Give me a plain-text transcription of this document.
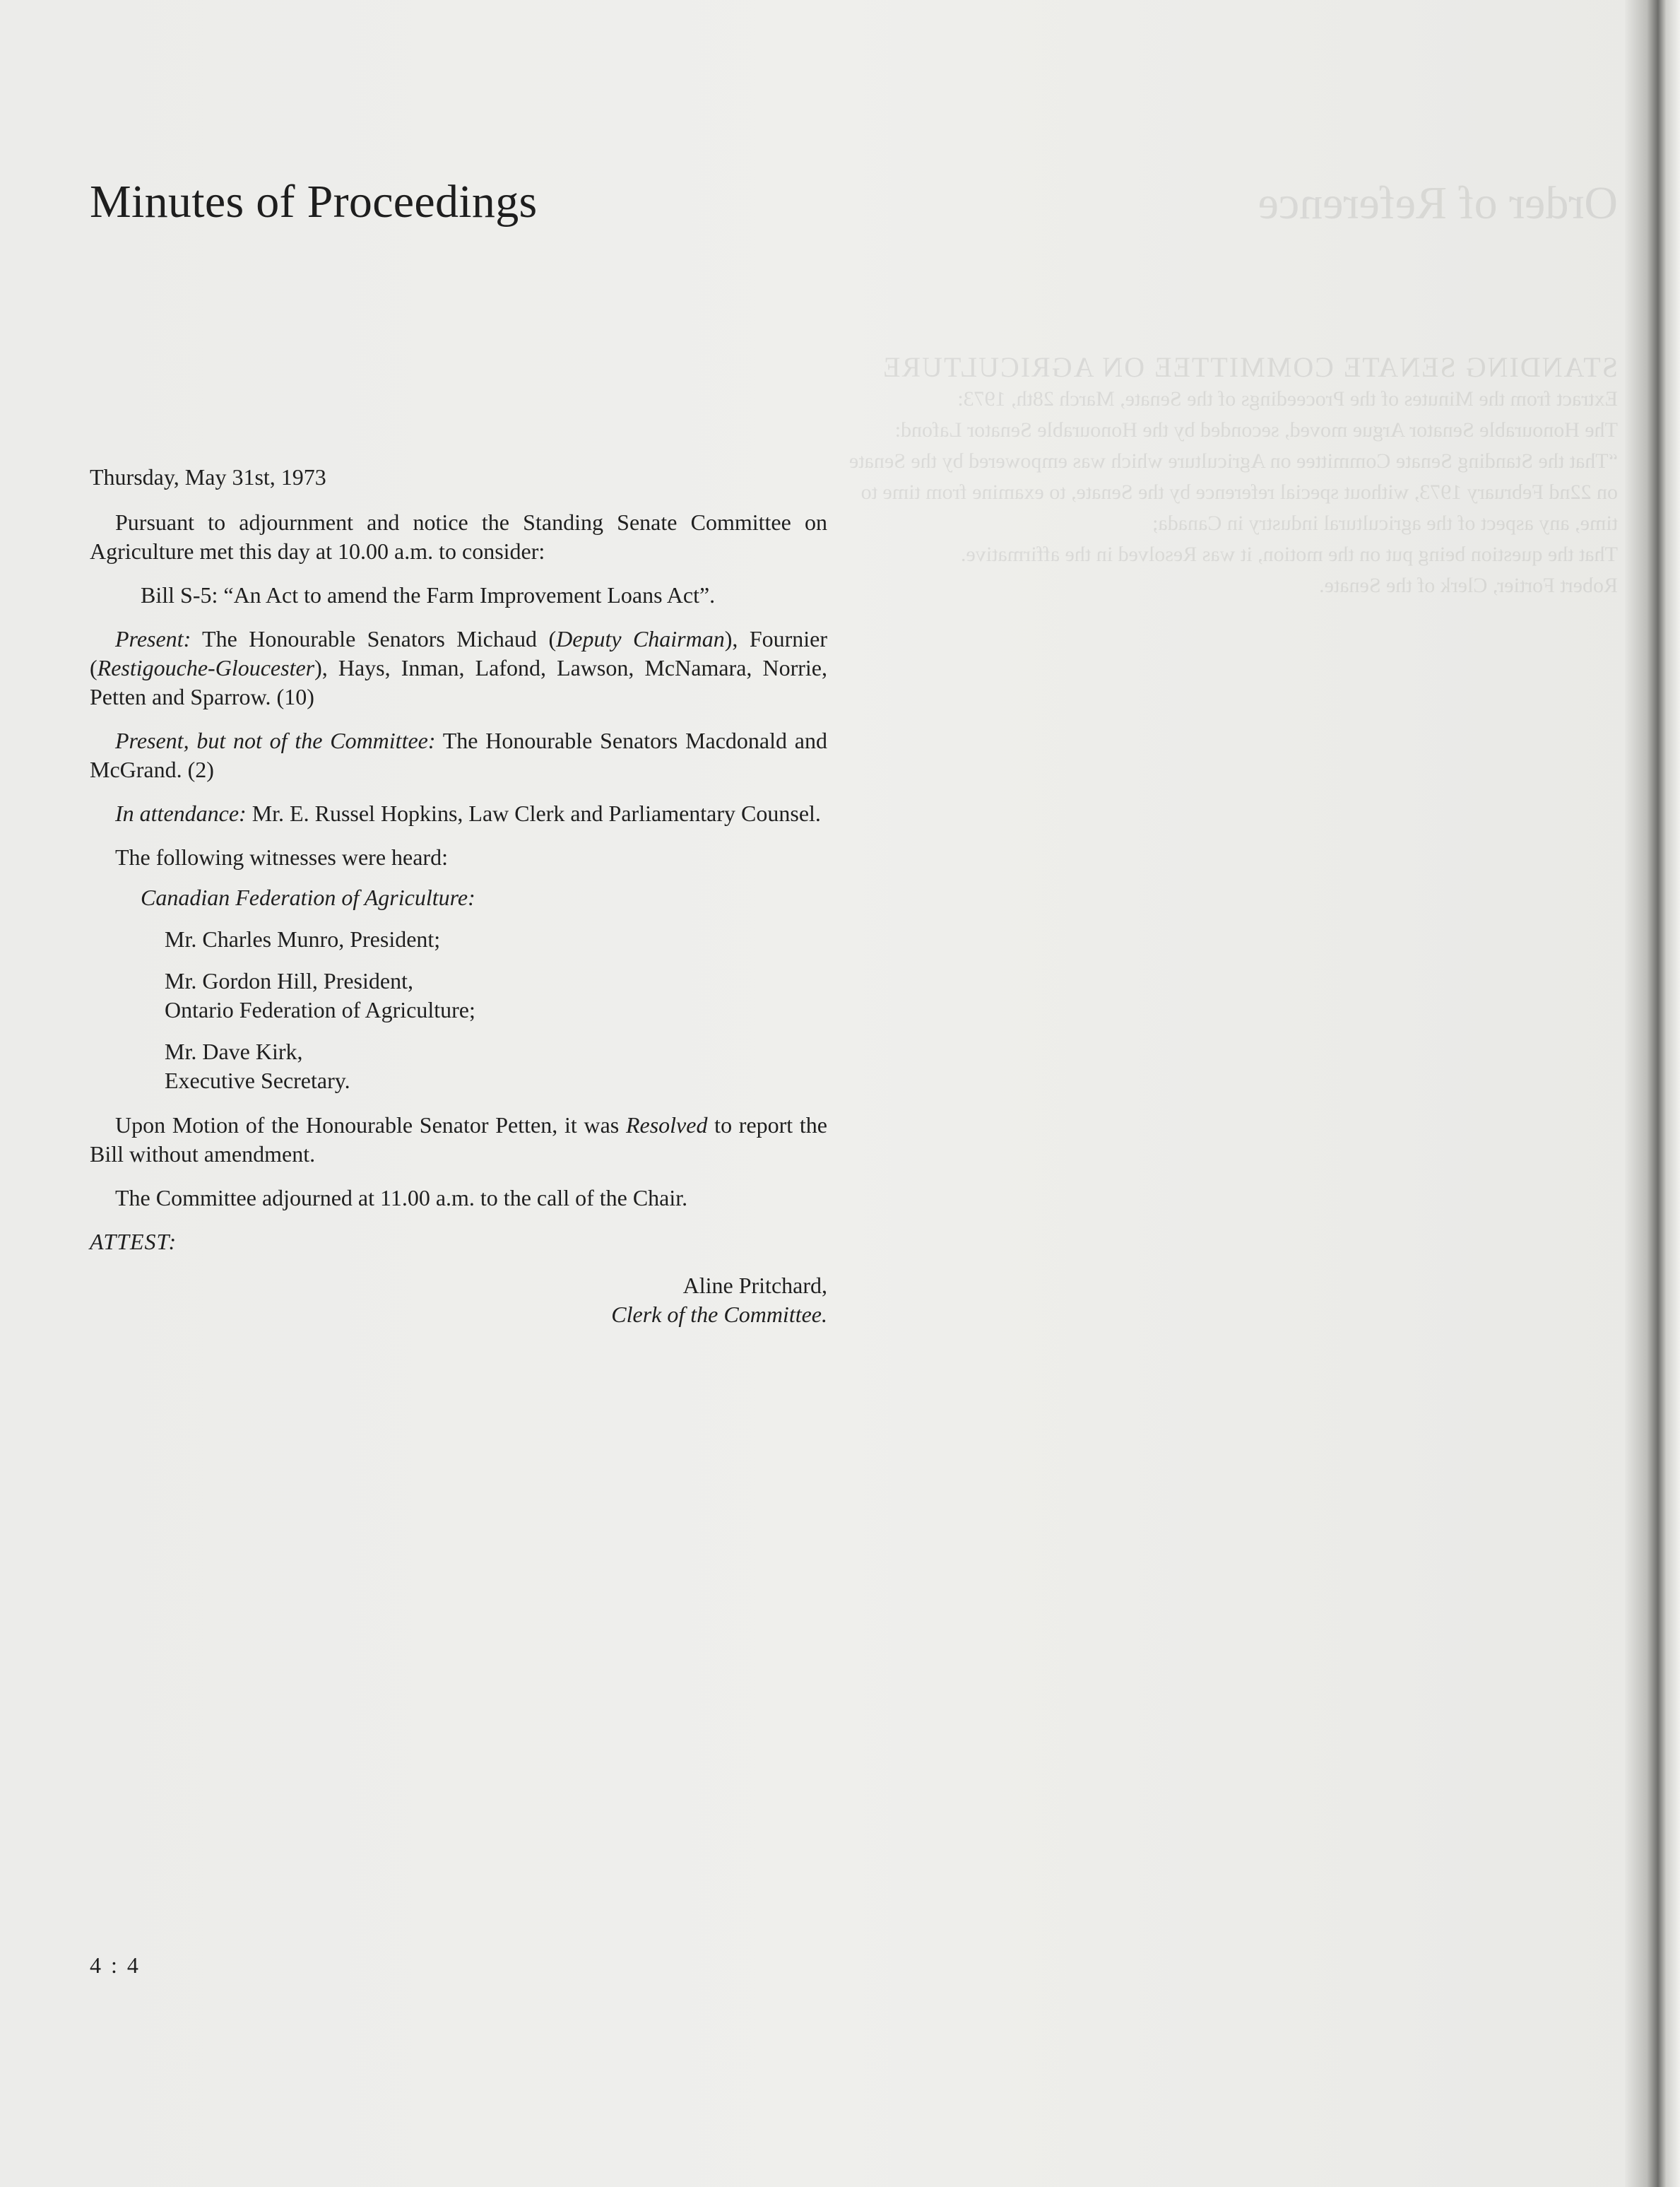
Order of Reference
STANDING SENATE COMMITTEE ON AGRICULTURE
Extract from the Minutes of the Proceedings of the Senate, March 28th, 1973:
The Honourable Senator Argue moved, seconded by the Honourable Senator Lafond:
“That the Standing Senate Committee on Agriculture which was empowered by the Senate on 22nd February 1973, without special reference by the Senate, to examine from time to time, any aspect of the agricultural industry in Canada;
That the question being put on the motion, it was Resolved in the affirmative.
Robert Fortier, Clerk of the Senate.
Minutes of Proceedings

Thursday, May 31st, 1973

Pursuant to adjournment and notice the Standing Senate Committee on Agriculture met this day at 10.00 a.m. to consider:

Bill S-5: “An Act to amend the Farm Improvement Loans Act”.

Present: The Honourable Senators Michaud (Deputy Chairman), Fournier (Restigouche-Gloucester), Hays, Inman, Lafond, Lawson, McNamara, Norrie, Petten and Sparrow. (10)

Present, but not of the Committee: The Honourable Senators Macdonald and McGrand. (2)

In attendance: Mr. E. Russel Hopkins, Law Clerk and Parliamentary Counsel.

The following witnesses were heard:

Canadian Federation of Agriculture:

Mr. Charles Munro, President;

Mr. Gordon Hill, President,
Ontario Federation of Agriculture;

Mr. Dave Kirk,
Executive Secretary.

Upon Motion of the Honourable Senator Petten, it was Resolved to report the Bill without amendment.

The Committee adjourned at 11.00 a.m. to the call of the Chair.

ATTEST:

Aline Pritchard,
Clerk of the Committee.

4 : 4
